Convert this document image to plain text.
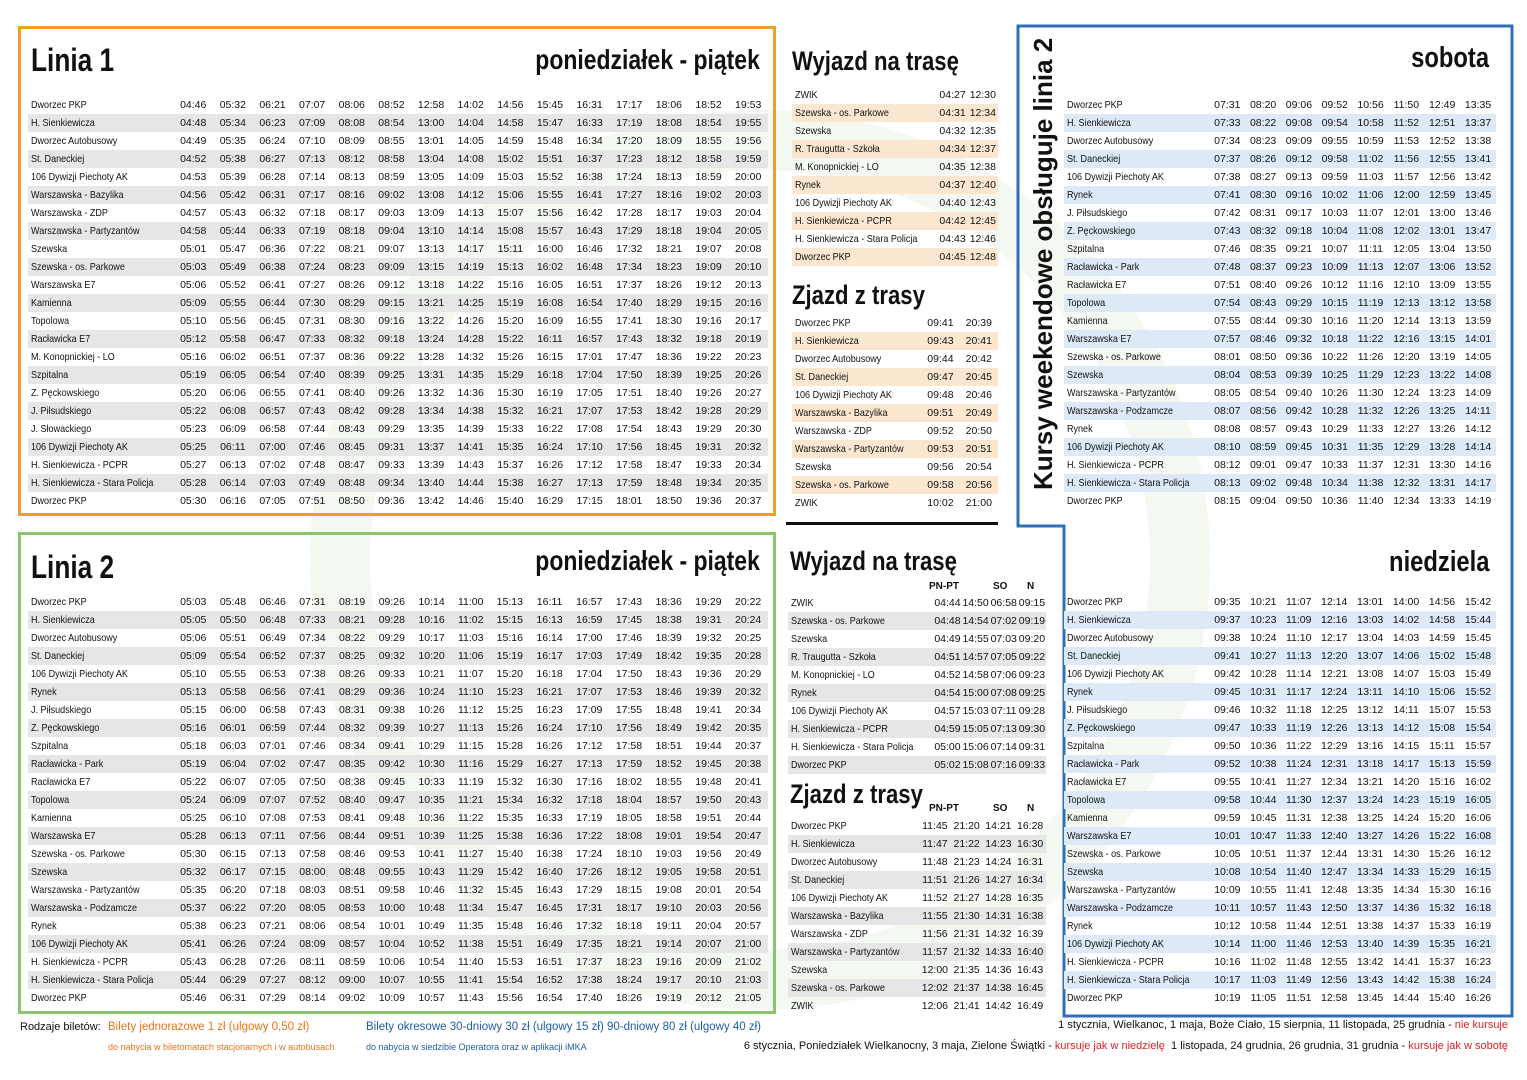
Linia 1	poniedziałek - piątek
Dworzec PKP	04:46	05:32	06:21	07:07	08:06	08:52	12:58	14:02	14:56	15:45	16:31	17:17	18:06	18:52	19:53
H. Sienkiewicza	04:48	05:34	06:23	07:09	08:08	08:54	13:00	14:04	14:58	15:47	16:33	17:19	18:08	18:54	19:55
Dworzec Autobusowy	04:49	05:35	06:24	07:10	08:09	08:55	13:01	14:05	14:59	15:48	16:34	17:20	18:09	18:55	19:56
St. Daneckiej	04:52	05:38	06:27	07:13	08:12	08:58	13:04	14:08	15:02	15:51	16:37	17:23	18:12	18:58	19:59
106 Dywizji Piechoty AK	04:53	05:39	06:28	07:14	08:13	08:59	13:05	14:09	15:03	15:52	16:38	17:24	18:13	18:59	20:00
Warszawska - Bazylika	04:56	05:42	06:31	07:17	08:16	09:02	13:08	14:12	15:06	15:55	16:41	17:27	18:16	19:02	20:03
Warszawska - ZDP	04:57	05:43	06:32	07:18	08:17	09:03	13:09	14:13	15:07	15:56	16:42	17:28	18:17	19:03	20:04
Warszawska - Partyzantów	04:58	05:44	06:33	07:19	08:18	09:04	13:10	14:14	15:08	15:57	16:43	17:29	18:18	19:04	20:05
Szewska	05:01	05:47	06:36	07:22	08:21	09:07	13:13	14:17	15:11	16:00	16:46	17:32	18:21	19:07	20:08
Szewska - os. Parkowe	05:03	05:49	06:38	07:24	08:23	09:09	13:15	14:19	15:13	16:02	16:48	17:34	18:23	19:09	20:10
Warszawska E7	05:06	05:52	06:41	07:27	08:26	09:12	13:18	14:22	15:16	16:05	16:51	17:37	18:26	19:12	20:13
Kamienna	05:09	05:55	06:44	07:30	08:29	09:15	13:21	14:25	15:19	16:08	16:54	17:40	18:29	19:15	20:16
Topolowa	05:10	05:56	06:45	07:31	08:30	09:16	13:22	14:26	15:20	16:09	16:55	17:41	18:30	19:16	20:17
Racławicka E7	05:12	05:58	06:47	07:33	08:32	09:18	13:24	14:28	15:22	16:11	16:57	17:43	18:32	19:18	20:19
M. Konopnickiej - LO	05:16	06:02	06:51	07:37	08:36	09:22	13:28	14:32	15:26	16:15	17:01	17:47	18:36	19:22	20:23
Szpitalna	05:19	06:05	06:54	07:40	08:39	09:25	13:31	14:35	15:29	16:18	17:04	17:50	18:39	19:25	20:26
Z. Pęckowskiego	05:20	06:06	06:55	07:41	08:40	09:26	13:32	14:36	15:30	16:19	17:05	17:51	18:40	19:26	20:27
J. Piłsudskiego	05:22	06:08	06:57	07:43	08:42	09:28	13:34	14:38	15:32	16:21	17:07	17:53	18:42	19:28	20:29
J. Słowackiego	05:23	06:09	06:58	07:44	08:43	09:29	13:35	14:39	15:33	16:22	17:08	17:54	18:43	19:29	20:30
106 Dywizji Piechoty AK	05:25	06:11	07:00	07:46	08:45	09:31	13:37	14:41	15:35	16:24	17:10	17:56	18:45	19:31	20:32
H. Sienkiewicza - PCPR	05:27	06:13	07:02	07:48	08:47	09:33	13:39	14:43	15:37	16:26	17:12	17:58	18:47	19:33	20:34
H. Sienkiewicza - Stara Policja	05:28	06:14	07:03	07:49	08:48	09:34	13:40	14:44	15:38	16:27	17:13	17:59	18:48	19:34	20:35
Dworzec PKP	05:30	06:16	07:05	07:51	08:50	09:36	13:42	14:46	15:40	16:29	17:15	18:01	18:50	19:36	20:37
Linia 2	poniedziałek - piątek
Dworzec PKP	05:03	05:48	06:46	07:31	08:19	09:26	10:14	11:00	15:13	16:11	16:57	17:43	18:36	19:29	20:22
H. Sienkiewicza	05:05	05:50	06:48	07:33	08:21	09:28	10:16	11:02	15:15	16:13	16:59	17:45	18:38	19:31	20:24
Dworzec Autobusowy	05:06	05:51	06:49	07:34	08:22	09:29	10:17	11:03	15:16	16:14	17:00	17:46	18:39	19:32	20:25
St. Daneckiej	05:09	05:54	06:52	07:37	08:25	09:32	10:20	11:06	15:19	16:17	17:03	17:49	18:42	19:35	20:28
106 Dywizji Piechoty AK	05:10	05:55	06:53	07:38	08:26	09:33	10:21	11:07	15:20	16:18	17:04	17:50	18:43	19:36	20:29
Rynek	05:13	05:58	06:56	07:41	08:29	09:36	10:24	11:10	15:23	16:21	17:07	17:53	18:46	19:39	20:32
J. Piłsudskiego	05:15	06:00	06:58	07:43	08:31	09:38	10:26	11:12	15:25	16:23	17:09	17:55	18:48	19:41	20:34
Z. Pęckowskiego	05:16	06:01	06:59	07:44	08:32	09:39	10:27	11:13	15:26	16:24	17:10	17:56	18:49	19:42	20:35
Szpitalna	05:18	06:03	07:01	07:46	08:34	09:41	10:29	11:15	15:28	16:26	17:12	17:58	18:51	19:44	20:37
Racławicka - Park	05:19	06:04	07:02	07:47	08:35	09:42	10:30	11:16	15:29	16:27	17:13	17:59	18:52	19:45	20:38
Racławicka E7	05:22	06:07	07:05	07:50	08:38	09:45	10:33	11:19	15:32	16:30	17:16	18:02	18:55	19:48	20:41
Topolowa	05:24	06:09	07:07	07:52	08:40	09:47	10:35	11:21	15:34	16:32	17:18	18:04	18:57	19:50	20:43
Kamienna	05:25	06:10	07:08	07:53	08:41	09:48	10:36	11:22	15:35	16:33	17:19	18:05	18:58	19:51	20:44
Warszawska E7	05:28	06:13	07:11	07:56	08:44	09:51	10:39	11:25	15:38	16:36	17:22	18:08	19:01	19:54	20:47
Szewska - os. Parkowe	05:30	06:15	07:13	07:58	08:46	09:53	10:41	11:27	15:40	16:38	17:24	18:10	19:03	19:56	20:49
Szewska	05:32	06:17	07:15	08:00	08:48	09:55	10:43	11:29	15:42	16:40	17:26	18:12	19:05	19:58	20:51
Warszawska - Partyzantów	05:35	06:20	07:18	08:03	08:51	09:58	10:46	11:32	15:45	16:43	17:29	18:15	19:08	20:01	20:54
Warszawska - Podzamcze	05:37	06:22	07:20	08:05	08:53	10:00	10:48	11:34	15:47	16:45	17:31	18:17	19:10	20:03	20:56
Rynek	05:38	06:23	07:21	08:06	08:54	10:01	10:49	11:35	15:48	16:46	17:32	18:18	19:11	20:04	20:57
106 Dywizji Piechoty AK	05:41	06:26	07:24	08:09	08:57	10:04	10:52	11:38	15:51	16:49	17:35	18:21	19:14	20:07	21:00
H. Sienkiewicza - PCPR	05:43	06:28	07:26	08:11	08:59	10:06	10:54	11:40	15:53	16:51	17:37	18:23	19:16	20:09	21:02
H. Sienkiewicza - Stara Policja	05:44	06:29	07:27	08:12	09:00	10:07	10:55	11:41	15:54	16:52	17:38	18:24	19:17	20:10	21:03
Dworzec PKP	05:46	06:31	07:29	08:14	09:02	10:09	10:57	11:43	15:56	16:54	17:40	18:26	19:19	20:12	21:05
Wyjazd na trasę
ZWIK	04:27	12:30
Szewska - os. Parkowe	04:31	12:34
Szewska	04:32	12:35
R. Traugutta - Szkoła	04:34	12:37
M. Konopnickiej - LO	04:35	12:38
Rynek	04:37	12:40
106 Dywizji Piechoty AK	04:40	12:43
H. Sienkiewicza - PCPR	04:42	12:45
H. Sienkiewicza - Stara Policja	04:43	12:46
Dworzec PKP	04:45	12:48
Zjazd z trasy
Dworzec PKP	09:41	20:39
H. Sienkiewicza	09:43	20:41
Dworzec Autobusowy	09:44	20:42
St. Daneckiej	09:47	20:45
106 Dywizji Piechoty AK	09:48	20:46
Warszawska - Bazylika	09:51	20:49
Warszawska - ZDP	09:52	20:50
Warszawska - Partyzantów	09:53	20:51
Szewska	09:56	20:54
Szewska - os. Parkowe	09:58	20:56
ZWIK	10:02	21:00
Wyjazd na trasę
PN-PT	SO N
ZWIK	04:44	14:50	06:58	09:15
Szewska - os. Parkowe	04:48	14:54	07:02	09:19
Szewska	04:49	14:55	07:03	09:20
R. Traugutta - Szkoła	04:51	14:57	07:05	09:22
M. Konopnickiej - LO	04:52	14:58	07:06	09:23
Rynek	04:54	15:00	07:08	09:25
106 Dywizji Piechoty AK	04:57	15:03	07:11	09:28
H. Sienkiewicza - PCPR	04:59	15:05	07:13	09:30
H. Sienkiewicza - Stara Policja	05:00	15:06	07:14	09:31
Dworzec PKP	05:02	15:08	07:16	09:33
Zjazd z trasy PN-PT	SO N
Dworzec PKP	11:45	21:20	14:21	16:28
H. Sienkiewicza	11:47	21:22	14:23	16:30
Dworzec Autobusowy	11:48	21:23	14:24	16:31
St. Daneckiej	11:51	21:26	14:27	16:34
106 Dywizji Piechoty AK	11:52	21:27	14:28	16:35
Warszawska - Bazylika	11:55	21:30	14:31	16:38
Warszawska - ZDP	11:56	21:31	14:32	16:39
Warszawska - Partyzantów	11:57	21:32	14:33	16:40
Szewska	12:00	21:35	14:36	16:43
Szewska - os. Parkowe	12:02	21:37	14:38	16:45
ZWIK	12:06	21:41	14:42	16:49
Kursy weekendowe obsługuje linia 2	sobota
Dworzec PKP	07:31	08:20	09:06	09:52	10:56	11:50	12:49	13:35
H. Sienkiewicza	07:33	08:22	09:08	09:54	10:58	11:52	12:51	13:37
Dworzec Autobusowy	07:34	08:23	09:09	09:55	10:59	11:53	12:52	13:38
St. Daneckiej	07:37	08:26	09:12	09:58	11:02	11:56	12:55	13:41
106 Dywizji Piechoty AK	07:38	08:27	09:13	09:59	11:03	11:57	12:56	13:42
Rynek	07:41	08:30	09:16	10:02	11:06	12:00	12:59	13:45
J. Piłsudskiego	07:42	08:31	09:17	10:03	11:07	12:01	13:00	13:46
Z. Pęckowskiego	07:43	08:32	09:18	10:04	11:08	12:02	13:01	13:47
Szpitalna	07:46	08:35	09:21	10:07	11:11	12:05	13:04	13:50
Racławicka - Park	07:48	08:37	09:23	10:09	11:13	12:07	13:06	13:52
Racławicka E7	07:51	08:40	09:26	10:12	11:16	12:10	13:09	13:55
Topolowa	07:54	08:43	09:29	10:15	11:19	12:13	13:12	13:58
Kamienna	07:55	08:44	09:30	10:16	11:20	12:14	13:13	13:59
Warszawska E7	07:57	08:46	09:32	10:18	11:22	12:16	13:15	14:01
Szewska - os. Parkowe	08:01	08:50	09:36	10:22	11:26	12:20	13:19	14:05
Szewska	08:04	08:53	09:39	10:25	11:29	12:23	13:22	14:08
Warszawska - Partyzantów	08:05	08:54	09:40	10:26	11:30	12:24	13:23	14:09
Warszawska - Podzamcze	08:07	08:56	09:42	10:28	11:32	12:26	13:25	14:11
Rynek	08:08	08:57	09:43	10:29	11:33	12:27	13:26	14:12
106 Dywizji Piechoty AK	08:10	08:59	09:45	10:31	11:35	12:29	13:28	14:14
H. Sienkiewicza - PCPR	08:12	09:01	09:47	10:33	11:37	12:31	13:30	14:16
H. Sienkiewicza - Stara Policja	08:13	09:02	09:48	10:34	11:38	12:32	13:31	14:17
Dworzec PKP	08:15	09:04	09:50	10:36	11:40	12:34	13:33	14:19
niedziela
Dworzec PKP	09:35	10:21	11:07	12:14	13:01	14:00	14:56	15:42
H. Sienkiewicza	09:37	10:23	11:09	12:16	13:03	14:02	14:58	15:44
Dworzec Autobusowy	09:38	10:24	11:10	12:17	13:04	14:03	14:59	15:45
St. Daneckiej	09:41	10:27	11:13	12:20	13:07	14:06	15:02	15:48
106 Dywizji Piechoty AK	09:42	10:28	11:14	12:21	13:08	14:07	15:03	15:49
Rynek	09:45	10:31	11:17	12:24	13:11	14:10	15:06	15:52
J. Piłsudskiego	09:46	10:32	11:18	12:25	13:12	14:11	15:07	15:53
Z. Pęckowskiego	09:47	10:33	11:19	12:26	13:13	14:12	15:08	15:54
Szpitalna	09:50	10:36	11:22	12:29	13:16	14:15	15:11	15:57
Racławicka - Park	09:52	10:38	11:24	12:31	13:18	14:17	15:13	15:59
Racławicka E7	09:55	10:41	11:27	12:34	13:21	14:20	15:16	16:02
Topolowa	09:58	10:44	11:30	12:37	13:24	14:23	15:19	16:05
Kamienna	09:59	10:45	11:31	12:38	13:25	14:24	15:20	16:06
Warszawska E7	10:01	10:47	11:33	12:40	13:27	14:26	15:22	16:08
Szewska - os. Parkowe	10:05	10:51	11:37	12:44	13:31	14:30	15:26	16:12
Szewska	10:08	10:54	11:40	12:47	13:34	14:33	15:29	16:15
Warszawska - Partyzantów	10:09	10:55	11:41	12:48	13:35	14:34	15:30	16:16
Warszawska - Podzamcze	10:11	10:57	11:43	12:50	13:37	14:36	15:32	16:18
Rynek	10:12	10:58	11:44	12:51	13:38	14:37	15:33	16:19
106 Dywizji Piechoty AK	10:14	11:00	11:46	12:53	13:40	14:39	15:35	16:21
H. Sienkiewicza - PCPR	10:16	11:02	11:48	12:55	13:42	14:41	15:37	16:23
H. Sienkiewicza - Stara Policja	10:17	11:03	11:49	12:56	13:43	14:42	15:38	16:24
Dworzec PKP	10:19	11:05	11:51	12:58	13:45	14:44	15:40	16:26
Rodzaje biletów: Bilety jednorazowe 1 zł (ulgowy 0,50 zł)
do nabycia w biletomatach stacjonarnych i w autobusach
Bilety okresowe 30-dniowy 30 zł (ulgowy 15 zł) 90-dniowy 80 zł (ulgowy 40 zł)
do nabycia w siedzibie Operatora oraz w aplikacji iMKA
1 stycznia, Wielkanoc, 1 maja, Boże Ciało, 15 sierpnia, 11 listopada, 25 grudnia - nie kursuje
6 stycznia, Poniedziałek Wielkanocny, 3 maja, Zielone Świątki - kursuje jak w niedzielę 1 listopada, 24 grudnia, 26 grudnia, 31 grudnia - kursuje jak w sobotę
